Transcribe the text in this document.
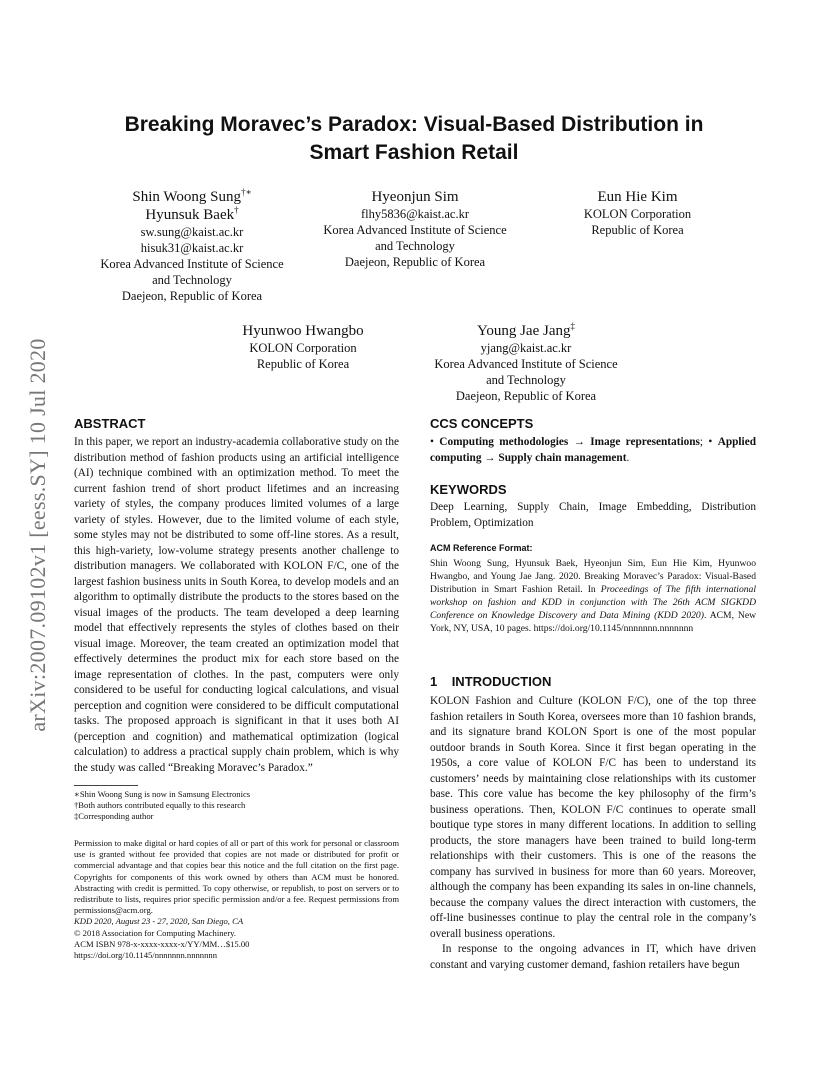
arXiv:2007.09102v1 [eess.SY] 10 Jul 2020
Breaking Moravec’s Paradox: Visual-Based Distribution in
Smart Fashion Retail
Shin Woong Sung†∗
Hyunsuk Baek†
sw.sung@kaist.ac.kr
hisuk31@kaist.ac.kr
Korea Advanced Institute of Science
and Technology
Daejeon, Republic of Korea
Hyeonjun Sim
flhy5836@kaist.ac.kr
Korea Advanced Institute of Science
and Technology
Daejeon, Republic of Korea
Eun Hie Kim
KOLON Corporation
Republic of Korea
Hyunwoo Hwangbo
KOLON Corporation
Republic of Korea
Young Jae Jang‡
yjang@kaist.ac.kr
Korea Advanced Institute of Science
and Technology
Daejeon, Republic of Korea
ABSTRACT
In this paper, we report an industry-academia collaborative study on the distribution method of fashion products using an artificial intelligence (AI) technique combined with an optimization method. To meet the current fashion trend of short product lifetimes and an increasing variety of styles, the company produces limited volumes of a large variety of styles. However, due to the limited volume of each style, some styles may not be distributed to some off-line stores. As a result, this high-variety, low-volume strategy presents another challenge to distribution managers. We collaborated with KOLON F/C, one of the largest fashion business units in South Korea, to develop models and an algorithm to optimally distribute the products to the stores based on the visual images of the products. The team developed a deep learning model that effectively represents the styles of clothes based on their visual image. Moreover, the team created an optimization model that effectively determines the product mix for each store based on the image representation of clothes. In the past, computers were only considered to be useful for conducting logical calculations, and visual perception and cognition were considered to be difficult computational tasks. The proposed approach is significant in that it uses both AI (perception and cognition) and mathematical optimization (logical calculation) to address a practical supply chain problem, which is why the study was called “Breaking Moravec’s Paradox.”
∗Shin Woong Sung is now in Samsung Electronics
†Both authors contributed equally to this research
‡Corresponding author
Permission to make digital or hard copies of all or part of this work for personal or classroom use is granted without fee provided that copies are not made or distributed for profit or commercial advantage and that copies bear this notice and the full citation on the first page. Copyrights for components of this work owned by others than ACM must be honored. Abstracting with credit is permitted. To copy otherwise, or republish, to post on servers or to redistribute to lists, requires prior specific permission and/or a fee. Request permissions from permissions@acm.org.
KDD 2020, August 23 - 27, 2020, San Diego, CA
© 2018 Association for Computing Machinery.
ACM ISBN 978-x-xxxx-xxxx-x/YY/MM…$15.00
https://doi.org/10.1145/nnnnnnn.nnnnnnn
CCS CONCEPTS
• Computing methodologies → Image representations; • Applied computing → Supply chain management.
KEYWORDS
Deep Learning, Supply Chain, Image Embedding, Distribution Problem, Optimization
ACM Reference Format:
Shin Woong Sung, Hyunsuk Baek, Hyeonjun Sim, Eun Hie Kim, Hyunwoo Hwangbo, and Young Jae Jang. 2020. Breaking Moravec’s Paradox: Visual-Based Distribution in Smart Fashion Retail. In Proceedings of The fifth international workshop on fashion and KDD in conjunction with The 26th ACM SIGKDD Conference on Knowledge Discovery and Data Mining (KDD 2020). ACM, New York, NY, USA, 10 pages. https://doi.org/10.1145/nnnnnnn.nnnnnnn
1 INTRODUCTION
KOLON Fashion and Culture (KOLON F/C), one of the top three fashion retailers in South Korea, oversees more than 10 fashion brands, and its signature brand KOLON Sport is one of the most popular outdoor brands in South Korea. Since it first began operating in the 1950s, a core value of KOLON F/C has been to understand its customers’ needs by maintaining close relationships with its customer base. This core value has become the key philosophy of the firm’s business operations. Then, KOLON F/C continues to operate small boutique type stores in many different locations. In addition to selling products, the store managers have been trained to build long-term relationships with their customers. This is one of the reasons the company has survived in business for more than 60 years. Moreover, although the company has been expanding its sales in on-line channels, because the company values the direct interaction with customers, the off-line businesses continue to play the central role in the company’s overall business operations.
In response to the ongoing advances in IT, which have driven constant and varying customer demand, fashion retailers have begun
